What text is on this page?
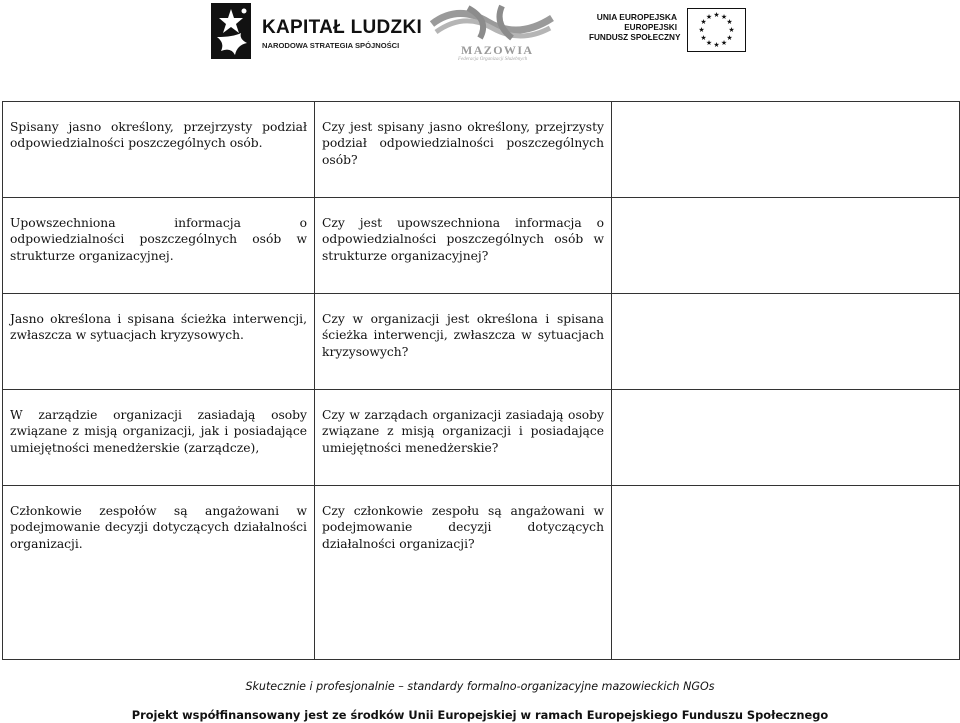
KAPITAŁ LUDZKI
NARODOWA STRATEGIA SPÓJNOŚCI	MAZOWIA
Federacja Organizacji Służebnych
UNIA EUROPEJSKA
EUROPEJSKI
FUNDUSZ SPOŁECZNY
★ ★
★
★
★
★
★
★
★
★
★
★
Spisany jasno określony, przejrzysty podział odpowiedzialności poszczególnych osób.	Czy jest spisany jasno określony, przejrzysty podział odpowiedzialności poszczególnych osób?	
Upowszechniona informacja o odpowiedzialności poszczególnych osób w strukturze organizacyjnej.	Czy jest upowszechniona informacja o odpowiedzialności poszczególnych osób w strukturze organizacyjnej?	
Jasno określona i spisana ścieżka interwencji, zwłaszcza w sytuacjach kryzysowych.	Czy w organizacji jest określona i spisana ścieżka interwencji, zwłaszcza w sytuacjach kryzysowych?	
W zarządzie organizacji zasiadają osoby związane z misją organizacji, jak i posiadające umiejętności menedżerskie (zarządcze),	Czy w zarządach organizacji zasiadają osoby związane z misją organizacji i posiadające umiejętności menedżerskie?	
Członkowie zespołów są angażowani w podejmowanie decyzji dotyczących działalności organizacji.	Czy członkowie zespołu są angażowani w podejmowanie decyzji dotyczących działalności organizacji?	
Skutecznie i profesjonalnie – standardy formalno-organizacyjne mazowieckich NGOs
Projekt współfinansowany jest ze środków Unii Europejskiej w ramach Europejskiego Funduszu Społecznego
